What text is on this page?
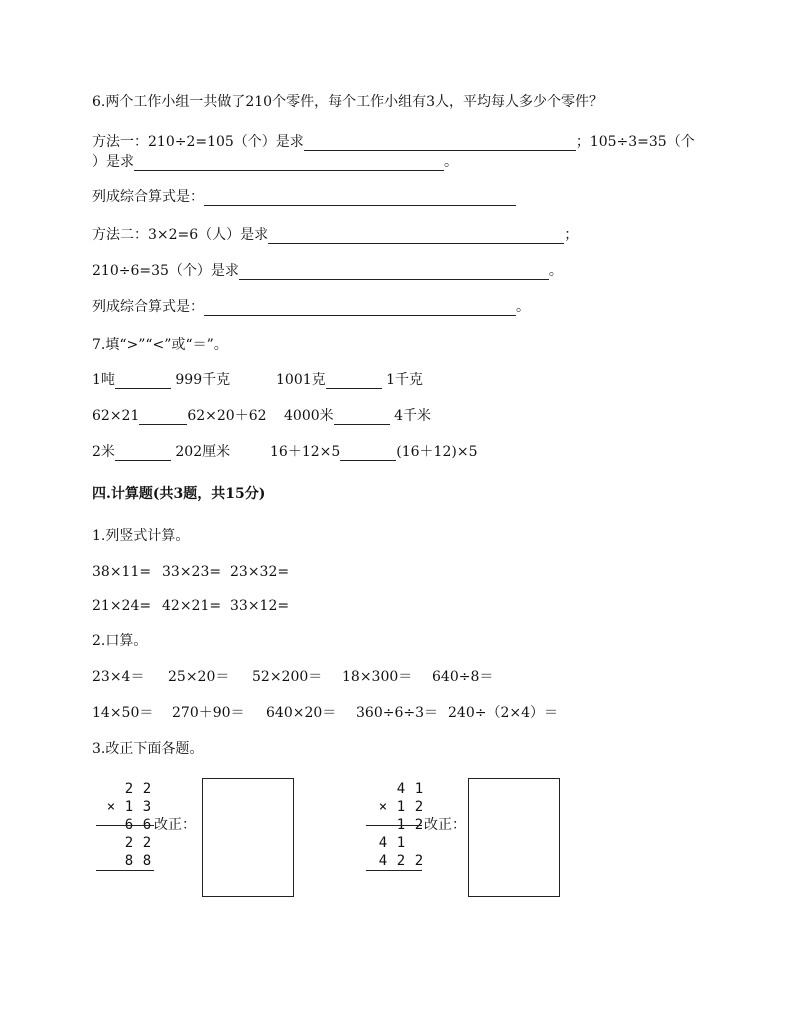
6.两个工作小组一共做了210个零件，每个工作小组有3人，平均每人多少个零件？
方法一：210÷2=105（个）是求	；105÷3=35（个
）是求	。
列成综合算式是：
方法二：3×2=6（人）是求	；
210÷6=35（个）是求	。
列成综合算式是：	。
7.填“>”“<”或“＝”。
1吨	999千克	1001克	1千克
62×21	62×20＋62 4000米	4千米
2米	202厘米	16＋12×5	(16＋12)×5
四.计算题(共3题，共15分)
1.列竖式计算。
38×11= 33×23= 23×32=
21×24= 42×21= 33×12=
2.口算。
23×4＝ 25×20＝ 52×200＝ 18×300＝ 640÷8＝
14×50＝ 270＋90＝ 640×20＝ 360÷6÷3＝ 240÷（2×4）＝
3.改正下面各题。
2 2
× 1 3
6 6
2 2
8 8
改正：
4 1
× 1 2
1 2
4 1
4 2 2
改正：
